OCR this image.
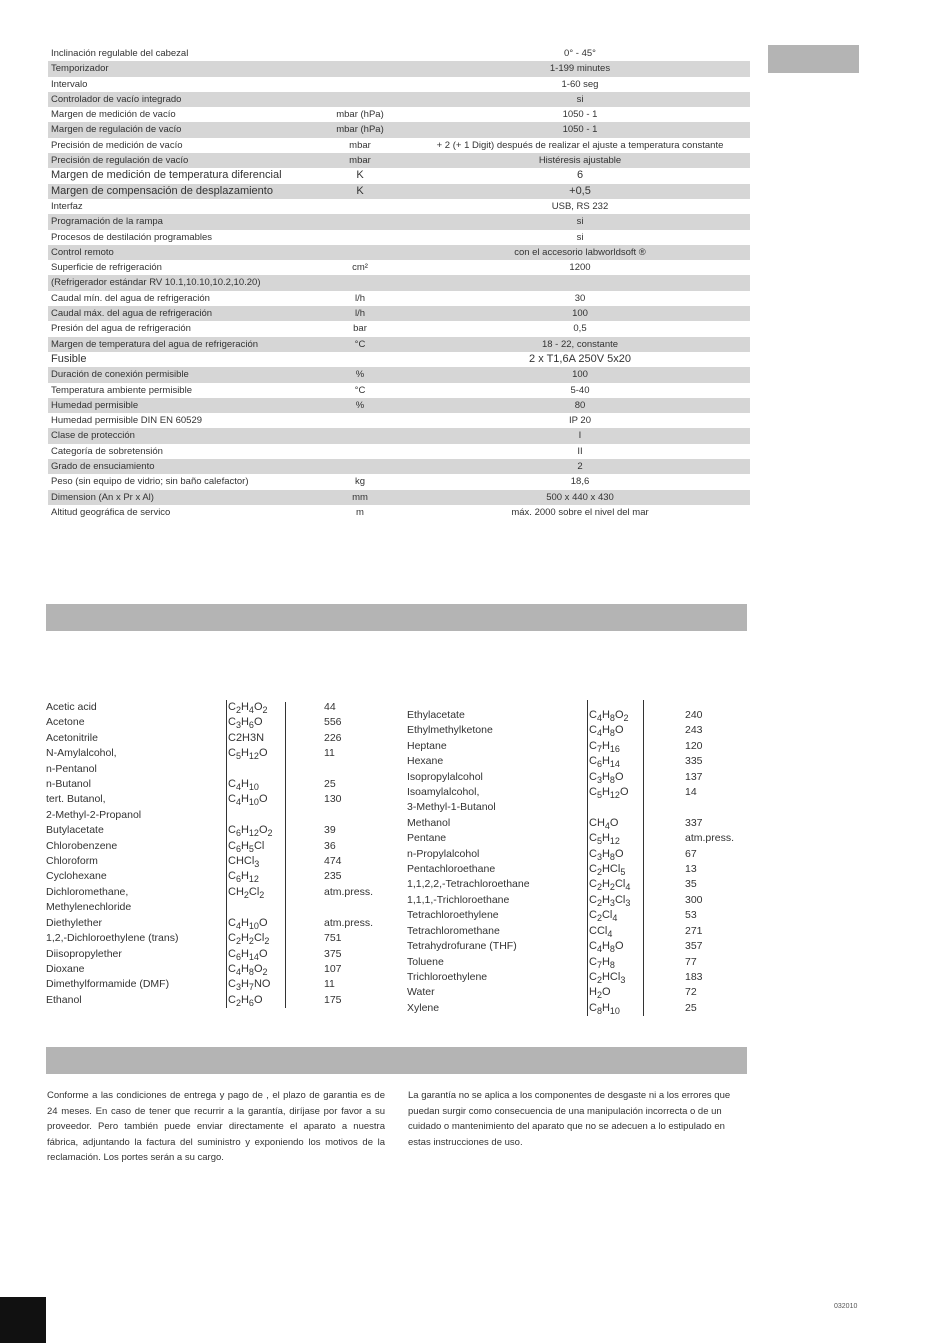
Inclinación regulable del cabezal	0° - 45°
Temporizador	1-199 minutes
Intervalo	1-60 seg
Controlador de vacío integrado	si
Margen de medición de vacío	mbar (hPa)	1050 - 1
Margen de regulación de vacío	mbar (hPa)	1050 - 1
Precisión de medición de vacío	mbar	+ 2 (+ 1 Digit) después de realizar el ajuste a temperatura constante
Precisión de regulación de vacío	mbar	Histéresis ajustable
Margen de medición de temperatura diferencial	K	6
Margen de compensación de desplazamiento	K	+0,5
Interfaz	USB, RS 232
Programación de la rampa	si
Procesos de destilación programables	si
Control remoto	con el accesorio labworldsoft ®
Superficie de refrigeración	cm²	1200
(Refrigerador estándar RV 10.1,10.10,10.2,10.20)
Caudal mín. del agua de refrigeración	l/h	30
Caudal máx. del agua de refrigeración	l/h	100
Presión del agua de refrigeración	bar	0,5
Margen de temperatura del agua de refrigeración	°C	18 - 22, constante
Fusible	2 x T1,6A 250V 5x20
Duración de conexión permisible	%	100
Temperatura ambiente permisible	°C	5-40
Humedad permisible	%	80
Humedad permisible DIN EN 60529	IP 20
Clase de protección	I
Categoría de sobretensión	II
Grado de ensuciamiento	2
Peso (sin equipo de vidrio; sin baño calefactor)	kg	18,6
Dimension (An x Pr x Al)	mm	500 x 440 x 430
Altitud geográfica de servico	m	máx. 2000 sobre el nivel del mar
Acetic acid	$C_2H_4O_2$	44
Acetone	$C_3H_6O$	556
Acetonitrile	C2H3N	226
N-Amylalcohol,	$C_5H_{12}O$	11
n-Pentanol
n-Butanol	$C_4H_{10}$	25
tert. Butanol,	$C_4H_{10}O$	130
2-Methyl-2-Propanol
Butylacetate	$C_6H_{12}O_2$	39
Chlorobenzene	$C_6H_5Cl$	36
Chloroform	CHCl$_3$	474
Cyclohexane	$C_6H_{12}$	235
Dichloromethane,	$CH_2Cl_2$	atm.press.
Methylenechloride
Diethylether	$C_4H_{10}O$	atm.press.
1,2,-Dichloroethylene (trans)	$C_2H_2Cl_2$	751
Diisopropylether	$C_6H_{14}O$	375
Dioxane	$C_4H_8O_2$	107
Dimethylformamide (DMF)	$C_3H_7NO$	11
Ethanol	$C_2H_6O$	175
Ethylacetate	$C_4H_8O_2$	240
Ethylmethylketone	$C_4H_8O$	243
Heptane	$C_7H_{16}$	120
Hexane	$C_6H_{14}$	335
Isopropylalcohol	$C_3H_8O$	137
Isoamylalcohol,	$C_5H_{12}O$	14
3-Methyl-1-Butanol
Methanol	$CH_4O$	337
Pentane	$C_5H_{12}$	atm.press.
n-Propylalcohol	$C_3H_8O$	67
Pentachloroethane	$C_2HCl_5$	13
1,1,2,2,-Tetrachloroethane	$C_2H_2Cl_4$	35
1,1,1,-Trichloroethane	$C_2H_3Cl_3$	300
Tetrachloroethylene	$C_2Cl_4$	53
Tetrachloromethane	CCl$_4$	271
Tetrahydrofurane (THF)	$C_4H_8O$	357
Toluene	$C_7H_8$	77
Trichloroethylene	$C_2HCl_3$	183
Water	$H_2O$	72
Xylene	$C_8H_{10}$	25

Conforme a las condiciones de entrega y pago de , el plazo de garantia es de 24 meses. En caso de tener que recurrir a la garantía, diríjase por favor a su proveedor. Pero también puede enviar directamente el aparato a nuestra fábrica, adjuntando la factura del suministro y exponiendo los motivos de la reclamación. Los portes serán a su cargo.

La garantía no se aplica a los componentes de desgaste ni a los errores que puedan surgir como consecuencia de una manipulación incorrecta o de un cuidado o mantenimiento del aparato que no se adecuen a lo estipulado en estas instrucciones de uso.

032010
